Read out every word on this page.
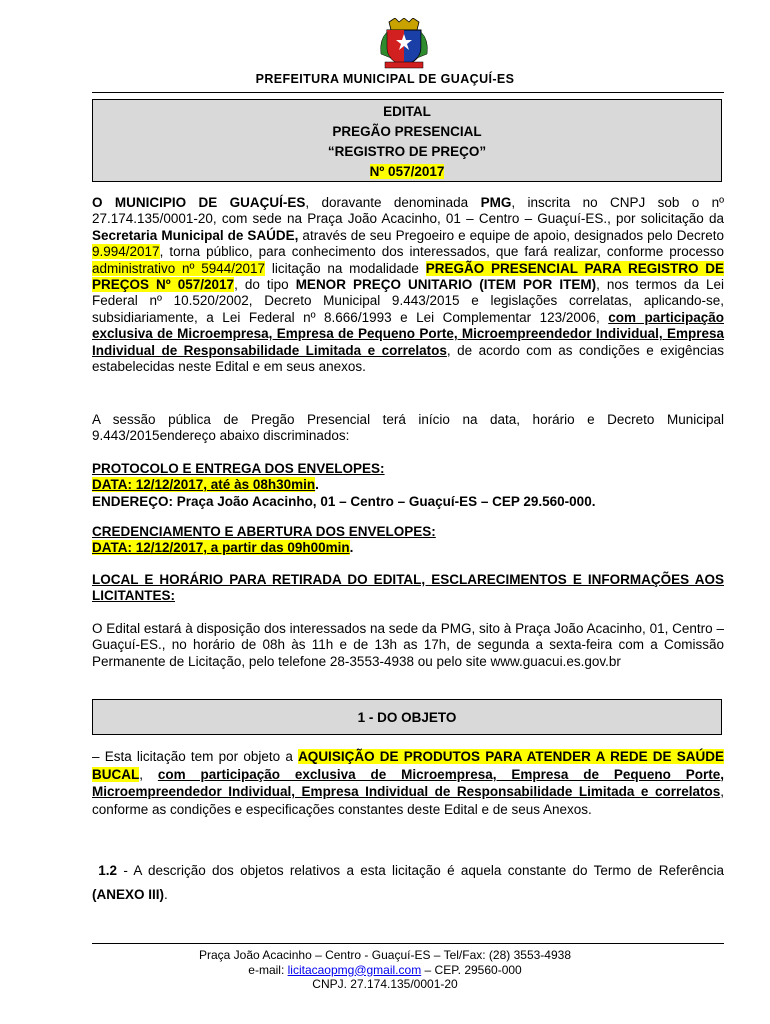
PREFEITURA MUNICIPAL DE GUAÇUÍ-ES
EDITAL
PREGÃO PRESENCIAL
“REGISTRO DE PREÇO”
Nº 057/2017

O MUNICIPIO DE GUAÇUÍ-ES, doravante denominada PMG, inscrita no CNPJ sob o nº 27.174.135/0001-20, com sede na Praça João Acacinho, 01 – Centro – Guaçuí-ES., por solicitação da Secretaria Municipal de SAÚDE, através de seu Pregoeiro e equipe de apoio, designados pelo Decreto 9.994/2017, torna público, para conhecimento dos interessados, que fará realizar, conforme processo administrativo nº 5944/2017 licitação na modalidade PREGÃO PRESENCIAL PARA REGISTRO DE PREÇOS Nº 057/2017, do tipo MENOR PREÇO UNITARIO (ITEM POR ITEM), nos termos da Lei Federal nº 10.520/2002, Decreto Municipal 9.443/2015 e legislações correlatas, aplicando-se, subsidiariamente, a Lei Federal nº 8.666/1993 e Lei Complementar 123/2006, com participação exclusiva de Microempresa, Empresa de Pequeno Porte, Microempreendedor Individual, Empresa Individual de Responsabilidade Limitada e correlatos, de acordo com as condições e exigências estabelecidas neste Edital e em seus anexos.

A sessão pública de Pregão Presencial terá início na data, horário e Decreto Municipal 9.443/2015endereço abaixo discriminados:

PROTOCOLO E ENTREGA DOS ENVELOPES:
DATA: 12/12/2017, até às 08h30min.
ENDEREÇO: Praça João Acacinho, 01 – Centro – Guaçuí-ES – CEP 29.560-000.
CREDENCIAMENTO E ABERTURA DOS ENVELOPES:
DATA: 12/12/2017, a partir das 09h00min.

LOCAL E HORÁRIO PARA RETIRADA DO EDITAL, ESCLARECIMENTOS E INFORMAÇÕES AOS LICITANTES:

O Edital estará à disposição dos interessados na sede da PMG, sito à Praça João Acacinho, 01, Centro – Guaçuí-ES., no horário de 08h às 11h e de 13h as 17h, de segunda a sexta-feira com a Comissão Permanente de Licitação, pelo telefone 28-3553-4938 ou pelo site www.guacui.es.gov.br

1 - DO OBJETO

– Esta licitação tem por objeto a AQUISIÇÃO DE PRODUTOS PARA ATENDER A REDE DE SAÚDE BUCAL, com participação exclusiva de Microempresa, Empresa de Pequeno Porte, Microempreendedor Individual, Empresa Individual de Responsabilidade Limitada e correlatos, conforme as condições e especificações constantes deste Edital e de seus Anexos.

1.2 - A descrição dos objetos relativos a esta licitação é aquela constante do Termo de Referência (ANEXO III).

Praça João Acacinho – Centro - Guaçuí-ES – Tel/Fax: (28) 3553-4938
e-mail: licitacaopmg@gmail.com – CEP. 29560-000
CNPJ. 27.174.135/0001-20
